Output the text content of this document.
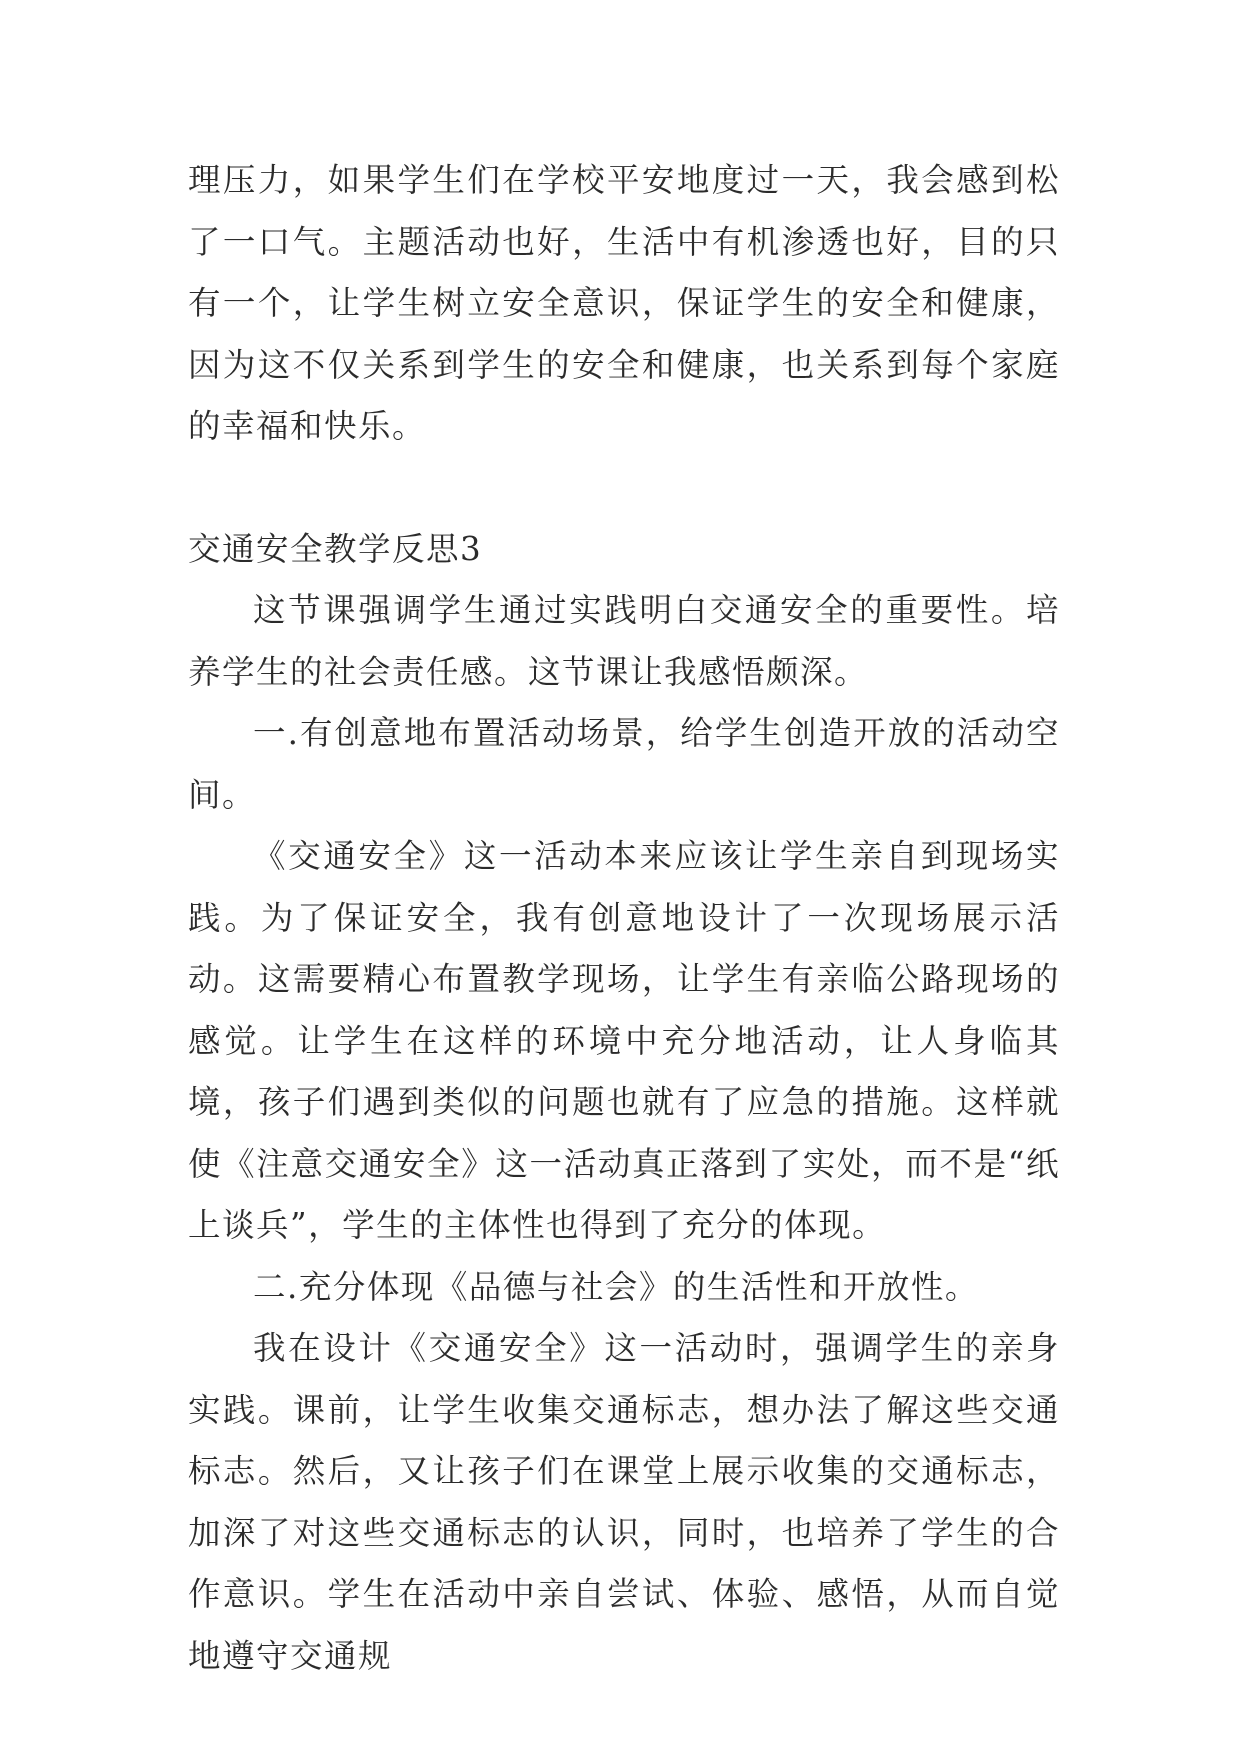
理压力，如果学生们在学校平安地度过一天，我会感到松了一口气。主题活动也好，生活中有机渗透也好，目的只有一个，让学生树立安全意识，保证学生的安全和健康，因为这不仅关系到学生的安全和健康，也关系到每个家庭的幸福和快乐。

交通安全教学反思3

这节课强调学生通过实践明白交通安全的重要性。培养学生的社会责任感。这节课让我感悟颇深。

一.有创意地布置活动场景，给学生创造开放的活动空间。

《交通安全》这一活动本来应该让学生亲自到现场实践。为了保证安全，我有创意地设计了一次现场展示活动。这需要精心布置教学现场，让学生有亲临公路现场的感觉。让学生在这样的环境中充分地活动，让人身临其境，孩子们遇到类似的问题也就有了应急的措施。这样就使《注意交通安全》这一活动真正落到了实处，而不是“纸上谈兵”，学生的主体性也得到了充分的体现。

二.充分体现《品德与社会》的生活性和开放性。

我在设计《交通安全》这一活动时，强调学生的亲身实践。课前，让学生收集交通标志，想办法了解这些交通标志。然后，又让孩子们在课堂上展示收集的交通标志，加深了对这些交通标志的认识，同时，也培养了学生的合作意识。学生在活动中亲自尝试、体验、感悟，从而自觉地遵守交通规
